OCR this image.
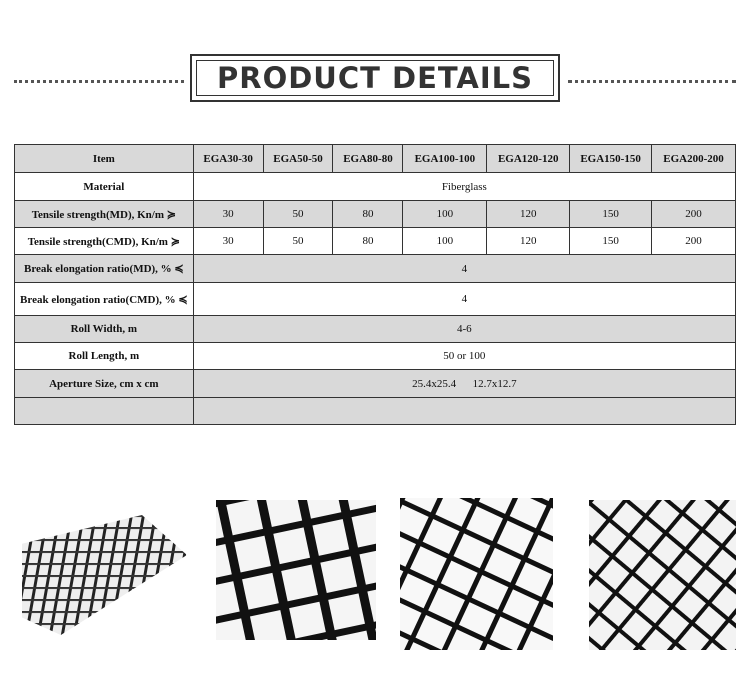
PRODUCT DETAILS
Item	EGA30-30	EGA50-50	EGA80-80	EGA100-100	EGA120-120	EGA150-150	EGA200-200
Material	Fiberglass
Tensile strength(MD), Kn/m ≽	30	50	80	100	120	150	200
Tensile strength(CMD), Kn/m ≽	30	50	80	100	120	150	200
Break elongation ratio(MD), % ≼	4
Break elongation ratio(CMD), % ≼	4
Roll Width, m	4-6
Roll Length, m	50 or 100
Aperture Size, cm x cm	25.4x25.4      12.7x12.7
